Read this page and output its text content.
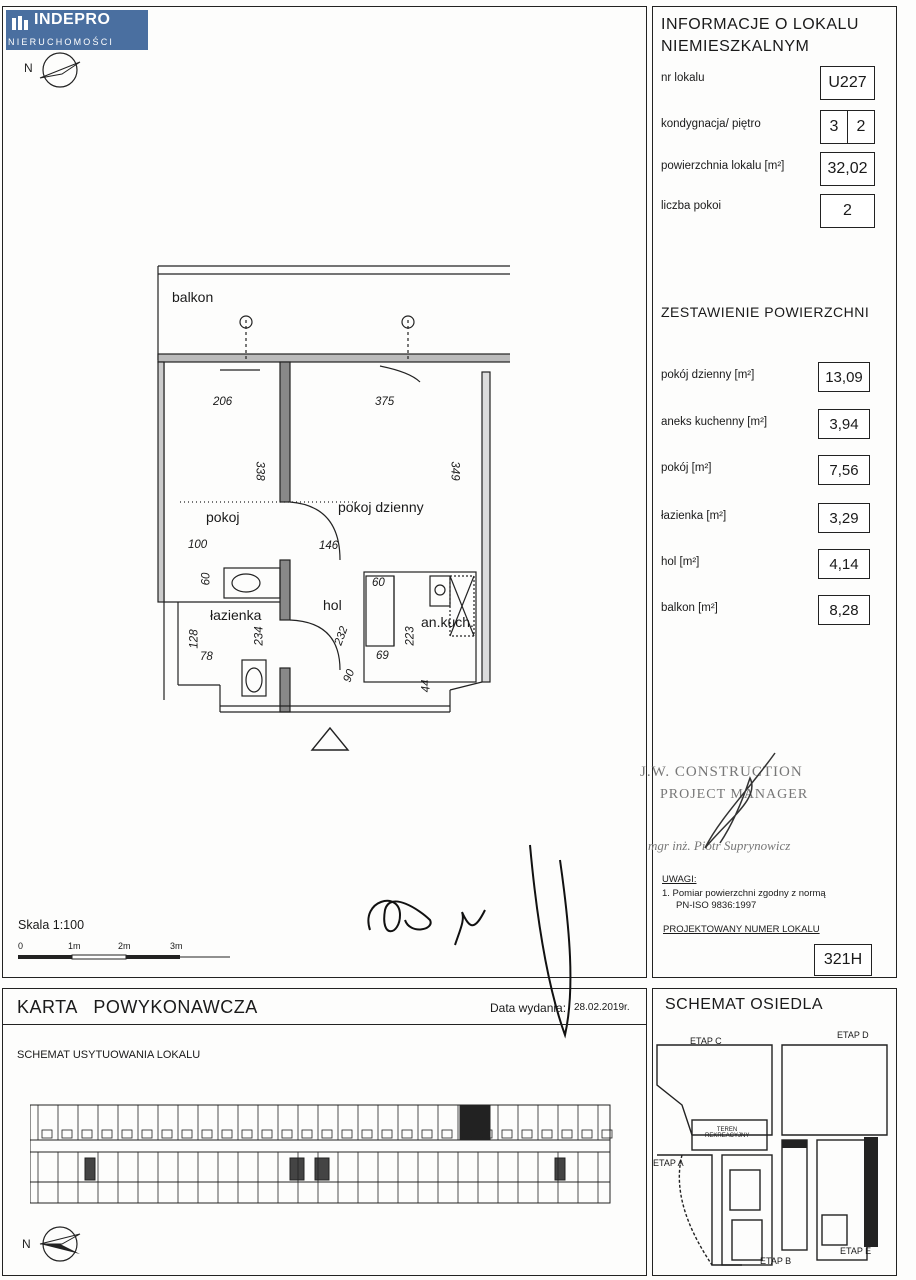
INDEPRO
NIERUCHOMOŚCI
N
balkon
pokoj
pokoj dzienny
łazienka
hol
an.kuch.
206	375
338	349
100	146
60	60
234	232	223
128
78	69
90
44
Skala 1:100
0	1m	2m	3m
J.W. CONSTRUCTION
PROJECT MANAGER
mgr inż. Piotr Suprynowicz
INFORMACJE O LOKALU
NIEMIESZKALNYM
nr lokalu	U227
kondygnacja/ piętro	3	2
powierzchnia lokalu [m²]	32,02
liczba pokoi	2
ZESTAWIENIE POWIERZCHNI
pokój dzienny [m²]	13,09
aneks kuchenny [m²]	3,94
pokój [m²]	7,56
łazienka [m²]	3,29
hol [m²]	4,14
balkon [m²]	8,28
UWAGI:
1. Pomiar powierzchni zgodny z normą
PN-ISO 9836:1997
PROJEKTOWANY NUMER LOKALU
321H
KARTA   POWYKONAWCZA	Data wydania: 28.02.2019r.
SCHEMAT USYTUOWANIA LOKALU
N
SCHEMAT OSIEDLA
ETAP C
ETAP D
ETAP A
ETAP B
ETAP E
TEREN REKREACYJNY
